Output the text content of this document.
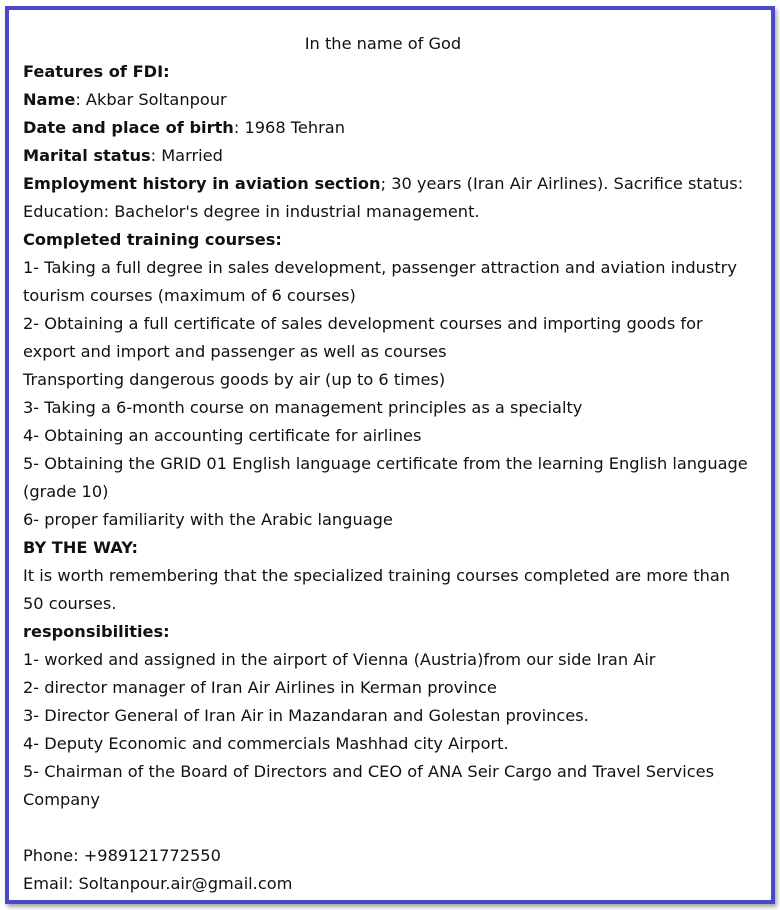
In the name of God
Features of FDI:
Name: Akbar Soltanpour
Date and place of birth: 1968 Tehran
Marital status: Married
Employment history in aviation section; 30 years (Iran Air Airlines). Sacrifice status:
Education: Bachelor's degree in industrial management.
Completed training courses:
1- Taking a full degree in sales development, passenger attraction and aviation industry
tourism courses (maximum of 6 courses)
2- Obtaining a full certificate of sales development courses and importing goods for
export and import and passenger as well as courses
Transporting dangerous goods by air (up to 6 times)
3- Taking a 6-month course on management principles as a specialty
4- Obtaining an accounting certificate for airlines
5- Obtaining the GRID 01 English language certificate from the learning English language
(grade 10)
6- proper familiarity with the Arabic language
BY THE WAY:
It is worth remembering that the specialized training courses completed are more than
50 courses.
responsibilities:
1- worked and assigned in the airport of Vienna (Austria)from our side Iran Air
2- director manager of Iran Air Airlines in Kerman province
3- Director General of Iran Air in Mazandaran and Golestan provinces.
4- Deputy Economic and commercials Mashhad city Airport.
5- Chairman of the Board of Directors and CEO of ANA Seir Cargo and Travel Services
Company
Phone: +989121772550
Email: Soltanpour.air@gmail.com
